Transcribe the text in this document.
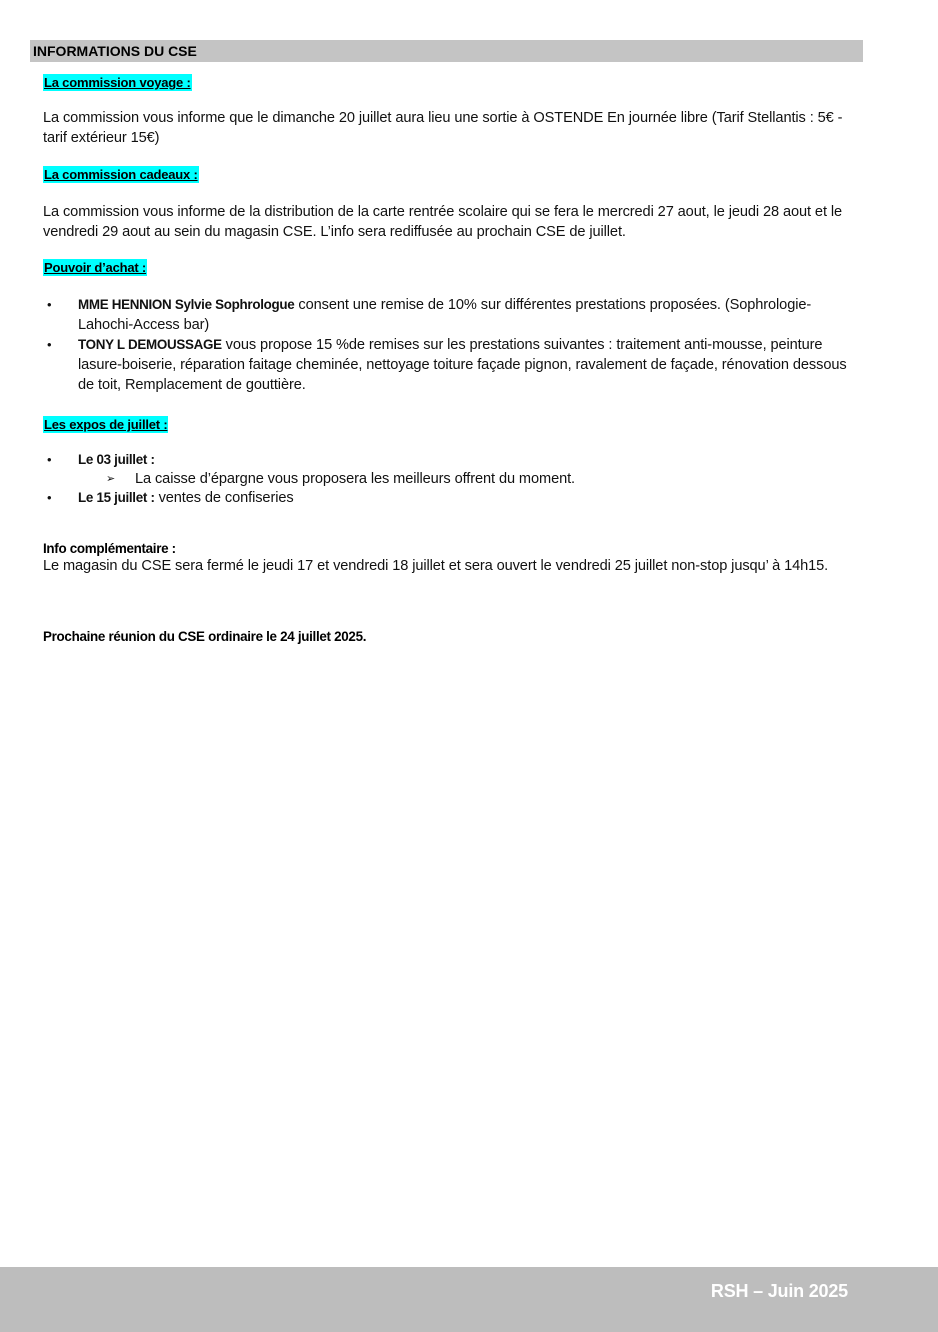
INFORMATIONS DU CSE
La commission voyage :
La commission vous informe que le dimanche 20 juillet aura lieu une sortie à OSTENDE En journée libre (Tarif Stellantis : 5€ - tarif extérieur 15€)
La commission cadeaux :
La commission vous informe de la distribution de la carte rentrée scolaire qui se fera le mercredi 27 aout, le jeudi 28 aout et le vendredi 29 aout au sein du magasin CSE. L’info sera rediffusée au prochain CSE de juillet.
Pouvoir d’achat :
• MME HENNION Sylvie Sophrologue consent une remise de 10% sur différentes prestations proposées. (Sophrologie-Lahochi-Access bar)
• TONY L DEMOUSSAGE vous propose 15 %de remises sur les prestations suivantes : traitement anti-mousse, peinture lasure-boiserie, réparation faitage cheminée, nettoyage toiture façade pignon, ravalement de façade, rénovation dessous de toit, Remplacement de gouttière.
Les expos de juillet :
• Le 03 juillet :
➢ La caisse d’épargne vous proposera les meilleurs offrent du moment.
• Le 15 juillet : ventes de confiseries
Info complémentaire :
Le magasin du CSE sera fermé le jeudi 17 et vendredi 18 juillet et sera ouvert le vendredi 25 juillet non-stop jusqu’ à 14h15.
Prochaine réunion du CSE ordinaire le 24 juillet 2025.
RSH – Juin 2025
